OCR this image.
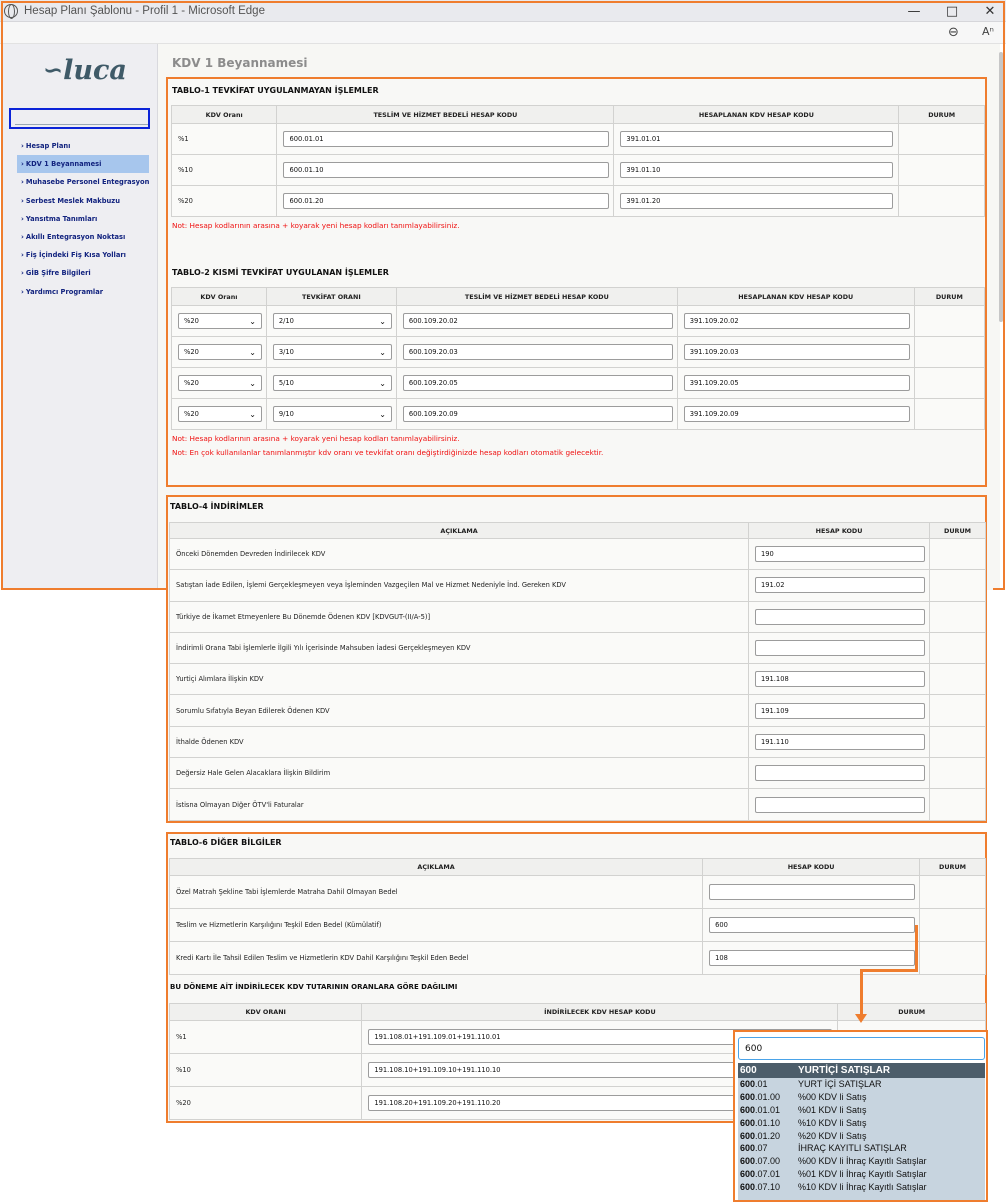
Hesap Planı Şablonu - Profil 1 - Microsoft Edge	—	□	✕
⊖ Aⁿ
∽ luca
› Hesap Planı
› KDV 1 Beyannamesi
› Muhasebe Personel Entegrasyon
› Serbest Meslek Makbuzu
› Yansıtma Tanımları
› Akıllı Entegrasyon Noktası
› Fiş İçindeki Fiş Kısa Yolları
› GİB Şifre Bilgileri
› Yardımcı Programlar
KDV 1 Beyannamesi
TABLO-1 TEVKİFAT UYGULANMAYAN İŞLEMLER
KDV Oranı	TESLİM VE HİZMET BEDELİ HESAP KODU	HESAPLANAN KDV HESAP KODU	DURUM
%1	600.01.01	391.01.01	

%10	600.01.10	391.01.10	

%20	600.01.20	391.01.20	

Not: Hesap kodlarının arasına + koyarak yeni hesap kodları tanımlayabilirsiniz.
TABLO-2 KISMİ TEVKİFAT UYGULANAN İŞLEMLER
KDV Oranı	TEVKİFAT ORANI	TESLİM VE HİZMET BEDELİ HESAP KODU	HESAPLANAN KDV HESAP KODU	DURUM

%20 ⌄	2/10 ⌄	600.109.20.02	391.109.20.02	

%20 ⌄	3/10 ⌄	600.109.20.03	391.109.20.03	

%20 ⌄	5/10 ⌄	600.109.20.05	391.109.20.05	

%20 ⌄	9/10 ⌄	600.109.20.09	391.109.20.09	

Not: Hesap kodlarının arasına + koyarak yeni hesap kodları tanımlayabilirsiniz.
Not: En çok kullanılanlar tanımlanmıştır kdv oranı ve tevkifat oranı değiştirdiğinizde hesap kodları otomatik gelecektir.
TABLO-4 İNDİRİMLER
AÇIKLAMA	HESAP KODU	DURUM
Önceki Dönemden Devreden İndirilecek KDV	190	

Satıştan İade Edilen, İşlemi Gerçekleşmeyen veya İşleminden Vazgeçilen Mal ve Hizmet Nedeniyle İnd. Gereken KDV	191.02	

Türkiye de İkamet Etmeyenlere Bu Dönemde Ödenen KDV [KDVGUT-(II/A-5)]	

İndirimli Orana Tabi İşlemlerle İlgili Yılı İçerisinde Mahsuben İadesi Gerçekleşmeyen KDV	

Yurtiçi Alımlara İlişkin KDV	191.108	

Sorumlu Sıfatıyla Beyan Edilerek Ödenen KDV	191.109	

İthalde Ödenen KDV	191.110	

Değersiz Hale Gelen Alacaklara İlişkin Bildirim	

İstisna Olmayan Diğer ÖTV'li Faturalar	

TABLO-6 DİĞER BİLGİLER
AÇIKLAMA	HESAP KODU	DURUM
Özel Matrah Şekline Tabi İşlemlerde Matraha Dahil Olmayan Bedel	

Teslim ve Hizmetlerin Karşılığını Teşkil Eden Bedel (Kümülatif)	600	

Kredi Kartı İle Tahsil Edilen Teslim ve Hizmetlerin KDV Dahil Karşılığını Teşkil Eden Bedel	108	

BU DÖNEME AİT İNDİRİLECEK KDV TUTARININ ORANLARA GÖRE DAĞILIMI
KDV ORANI	İNDİRİLECEK KDV HESAP KODU	DURUM
%1	191.108.01+191.109.01+191.110.01	

%10	191.108.10+191.109.10+191.110.10	

%20	191.108.20+191.109.20+191.110.20	

600
600	YURTİÇİ SATIŞLAR
600.01	YURT İÇİ SATIŞLAR
600.01.00	%00 KDV li Satış
600.01.01	%01 KDV li Satış
600.01.10	%10 KDV li Satış
600.01.20	%20 KDV li Satış
600.07	İHRAÇ KAYITLI SATIŞLAR
600.07.00	%00 KDV li İhraç Kayıtlı Satışlar
600.07.01	%01 KDV li İhraç Kayıtlı Satışlar
600.07.10	%10 KDV li İhraç Kayıtlı Satışlar
